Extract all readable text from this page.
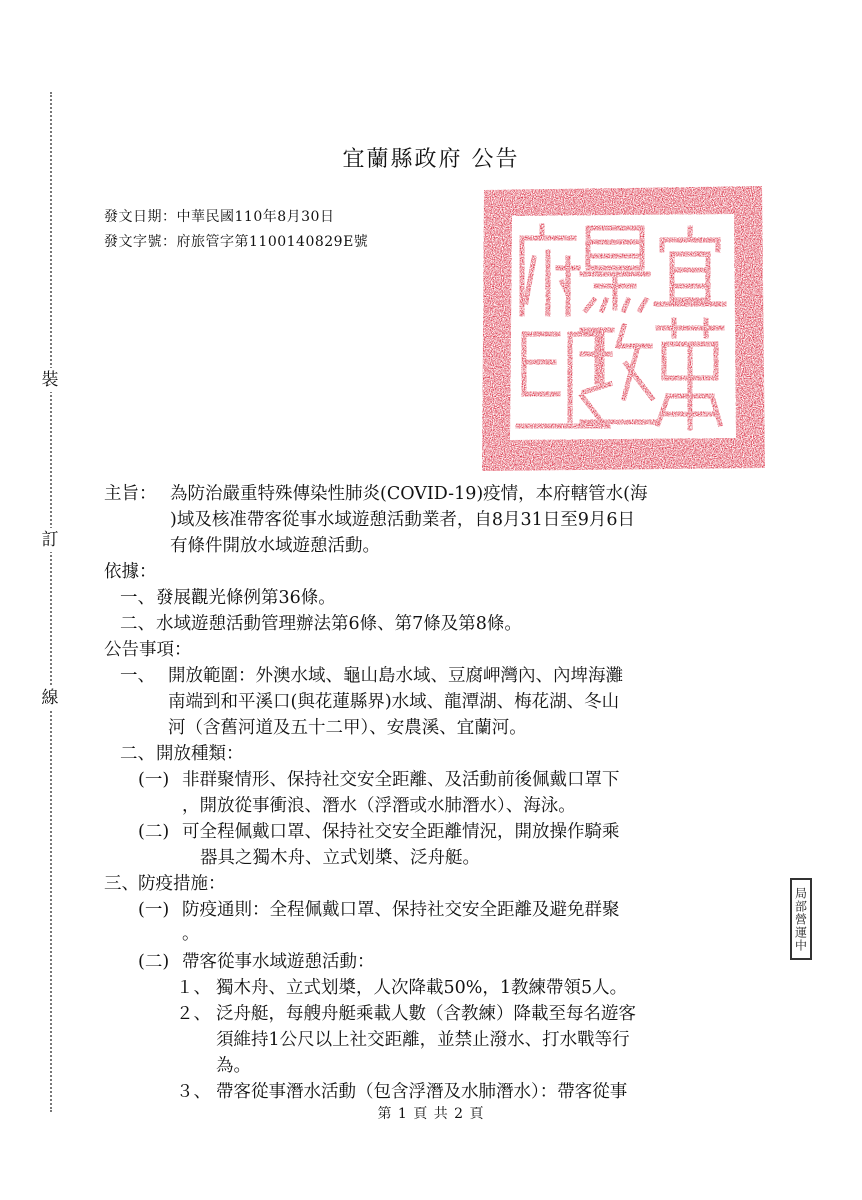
裝
訂
線
宜蘭縣政府 公告
發文日期：中華民國110年8月30日
發文字號：府旅管字第1100140829E號
主旨： 為防治嚴重特殊傳染性肺炎(COVID-19)疫情，本府轄管水(海
)域及核准帶客從事水域遊憩活動業者，自8月31日至9月6日
有條件開放水域遊憩活動。
依據：
一、 發展觀光條例第36條。
二、 水域遊憩活動管理辦法第6條、第7條及第8條。
公告事項：
一、 開放範圍：外澳水域、龜山島水域、豆腐岬灣內、內埤海灘
南端到和平溪口(與花蓮縣界)水域、龍潭湖、梅花湖、冬山
河（含舊河道及五十二甲）、安農溪、宜蘭河。
二、 開放種類：
(一) 非群聚情形、保持社交安全距離、及活動前後佩戴口罩下
，開放從事衝浪、潛水（浮潛或水肺潛水）、海泳。
(二) 可全程佩戴口罩、保持社交安全距離情況，開放操作騎乘
器具之獨木舟、立式划槳、泛舟艇。
三、 防疫措施：
(一) 防疫通則：全程佩戴口罩、保持社交安全距離及避免群聚
。
(二) 帶客從事水域遊憩活動：
１、 獨木舟、立式划槳，人次降載50%，1教練帶領5人。
２、 泛舟艇，每艘舟艇乘載人數（含教練）降載至每名遊客
須維持1公尺以上社交距離，並禁止潑水、打水戰等行
為。
３、 帶客從事潛水活動（包含浮潛及水肺潛水）：帶客從事
局部營運中
第 1 頁 共 2 頁
